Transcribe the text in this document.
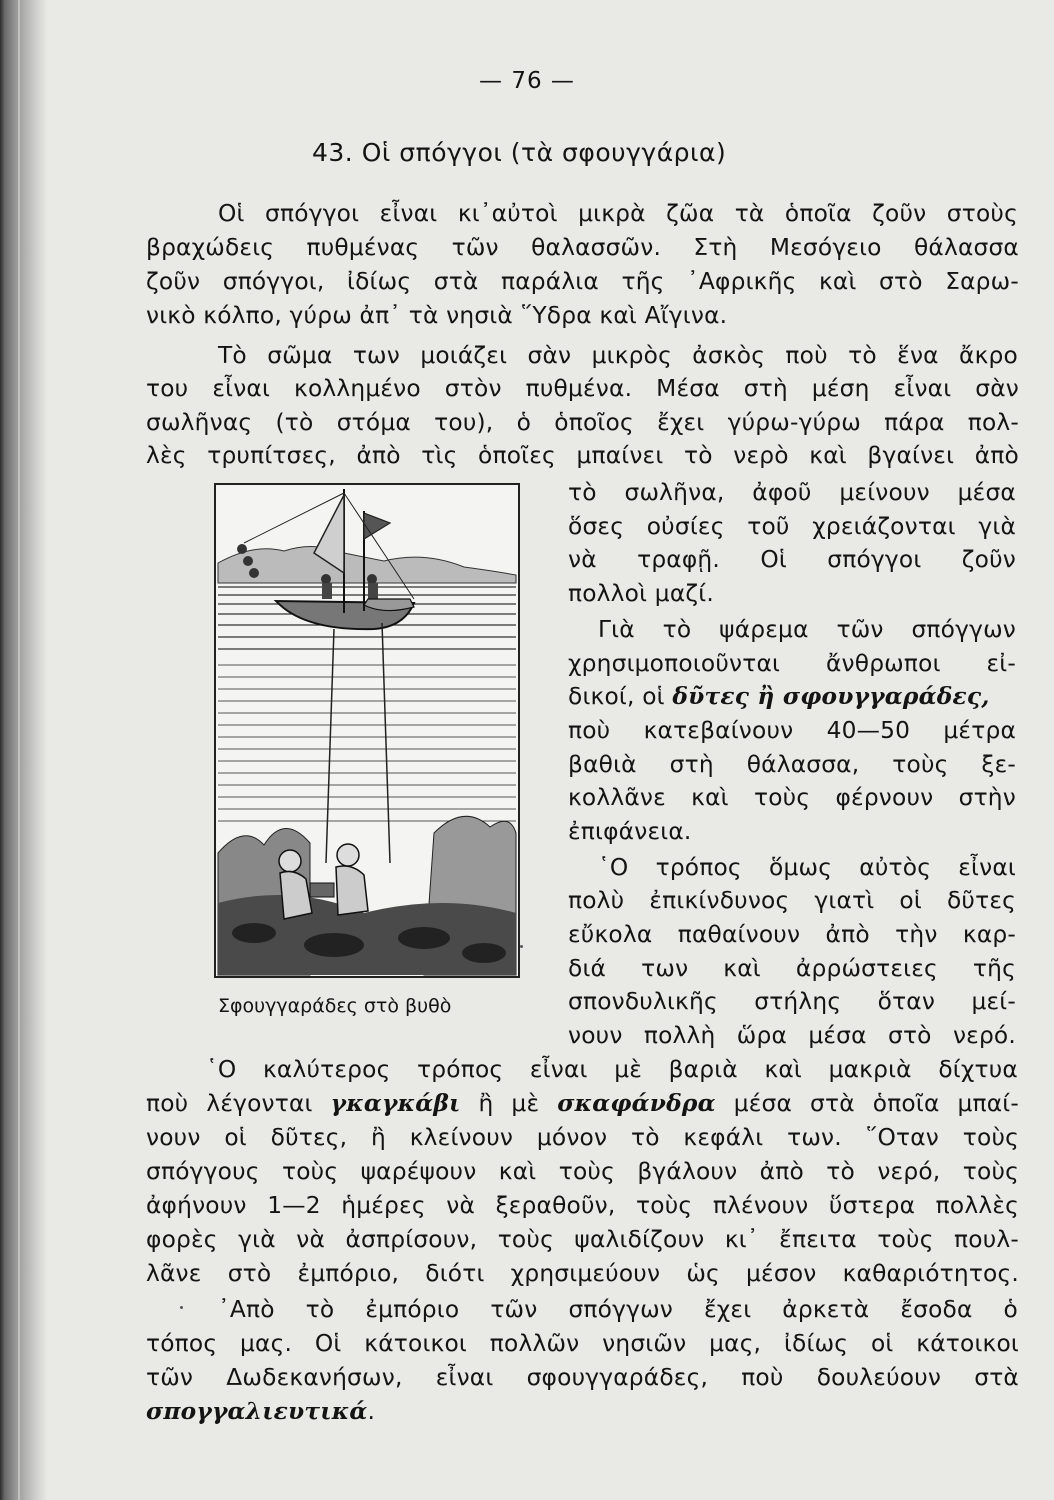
— 76 —
43. Οἱ σπόγγοι (τὰ σφουγγάρια)
Οἱ σπόγγοι εἶναι κι᾿αὐτοὶ μικρὰ ζῶα τὰ ὁποῖα ζοῦν στοὺς
βραχώδεις πυθμένας τῶν θαλασσῶν. Στὴ Μεσόγειο θάλασσα
ζοῦν σπόγγοι, ἰδίως στὰ παράλια τῆς ᾿Αφρικῆς καὶ στὸ Σαρω-
νικὸ κόλπο, γύρω ἀπ᾿ τὰ νησιὰ ῞Υδρα καὶ Αἴγινα.
Τὸ σῶμα των μοιάζει σὰν μικρὸς ἀσκὸς ποὺ τὸ ἕνα ἄκρο
του εἶναι κολλημένο στὸν πυθμένα. Μέσα στὴ μέση εἶναι σὰν
σωλῆνας (τὸ στόμα του), ὁ ὁποῖος ἔχει γύρω-γύρω πάρα πολ-
λὲς τρυπίτσες, ἀπὸ τὶς ὁποῖες μπαίνει τὸ νερὸ καὶ βγαίνει ἀπὸ
τὸ σωλῆνα, ἀφοῦ μείνουν μέσα
ὅσες οὐσίες τοῦ χρειάζονται γιὰ
νὰ τραφῇ. Οἱ σπόγγοι ζοῦν
πολλοὶ μαζί.
Γιὰ τὸ ψάρεμα τῶν σπόγγων
χρησιμοποιοῦνται ἄνθρωποι εἰ-
δικοί, οἱ δῦτες ἢ σφουγγαράδες,
ποὺ κατεβαίνουν 40—50 μέτρα
βαθιὰ στὴ θάλασσα, τοὺς ξε-
κολλᾶνε καὶ τοὺς φέρνουν στὴν
ἐπιφάνεια.
῾Ο τρόπος ὅμως αὐτὸς εἶναι
πολὺ ἐπικίνδυνος γιατὶ οἱ δῦτες
εὔκολα παθαίνουν ἀπὸ τὴν καρ-
διά των καὶ ἀρρώστειες τῆς
σπονδυλικῆς στήλης ὅταν μεί-
νουν πολλὴ ὥρα μέσα στὸ νερό.
῾Ο καλύτερος τρόπος εἶναι μὲ βαριὰ καὶ μακριὰ δίχτυα
ποὺ λέγονται γκαγκάβι ἢ μὲ σκαφάνδρα μέσα στὰ ὁποῖα μπαί-
νουν οἱ δῦτες, ἢ κλείνουν μόνον τὸ κεφάλι των. ῞Οταν τοὺς
σπόγγους τοὺς ψαρέψουν καὶ τοὺς βγάλουν ἀπὸ τὸ νερό, τοὺς
ἀφήνουν 1—2 ἡμέρες νὰ ξεραθοῦν, τοὺς πλένουν ὕστερα πολλὲς
φορὲς γιὰ νὰ ἀσπρίσουν, τοὺς ψαλιδίζουν κι᾿ ἔπειτα τοὺς πουλ-
λᾶνε στὸ ἐμπόριο, διότι χρησιμεύουν ὡς μέσον καθαριότητος.
᾿Απὸ τὸ ἐμπόριο τῶν σπόγγων ἔχει ἀρκετὰ ἔσοδα ὁ
τόπος μας. Οἱ κάτοικοι πολλῶν νησιῶν μας, ἰδίως οἱ κάτοικοι
τῶν Δωδεκανήσων, εἶναι σφουγγαράδες, ποὺ δουλεύουν στὰ
σπογγαλιευτικά.
Σφουγγαράδες στὸ βυθὸ
